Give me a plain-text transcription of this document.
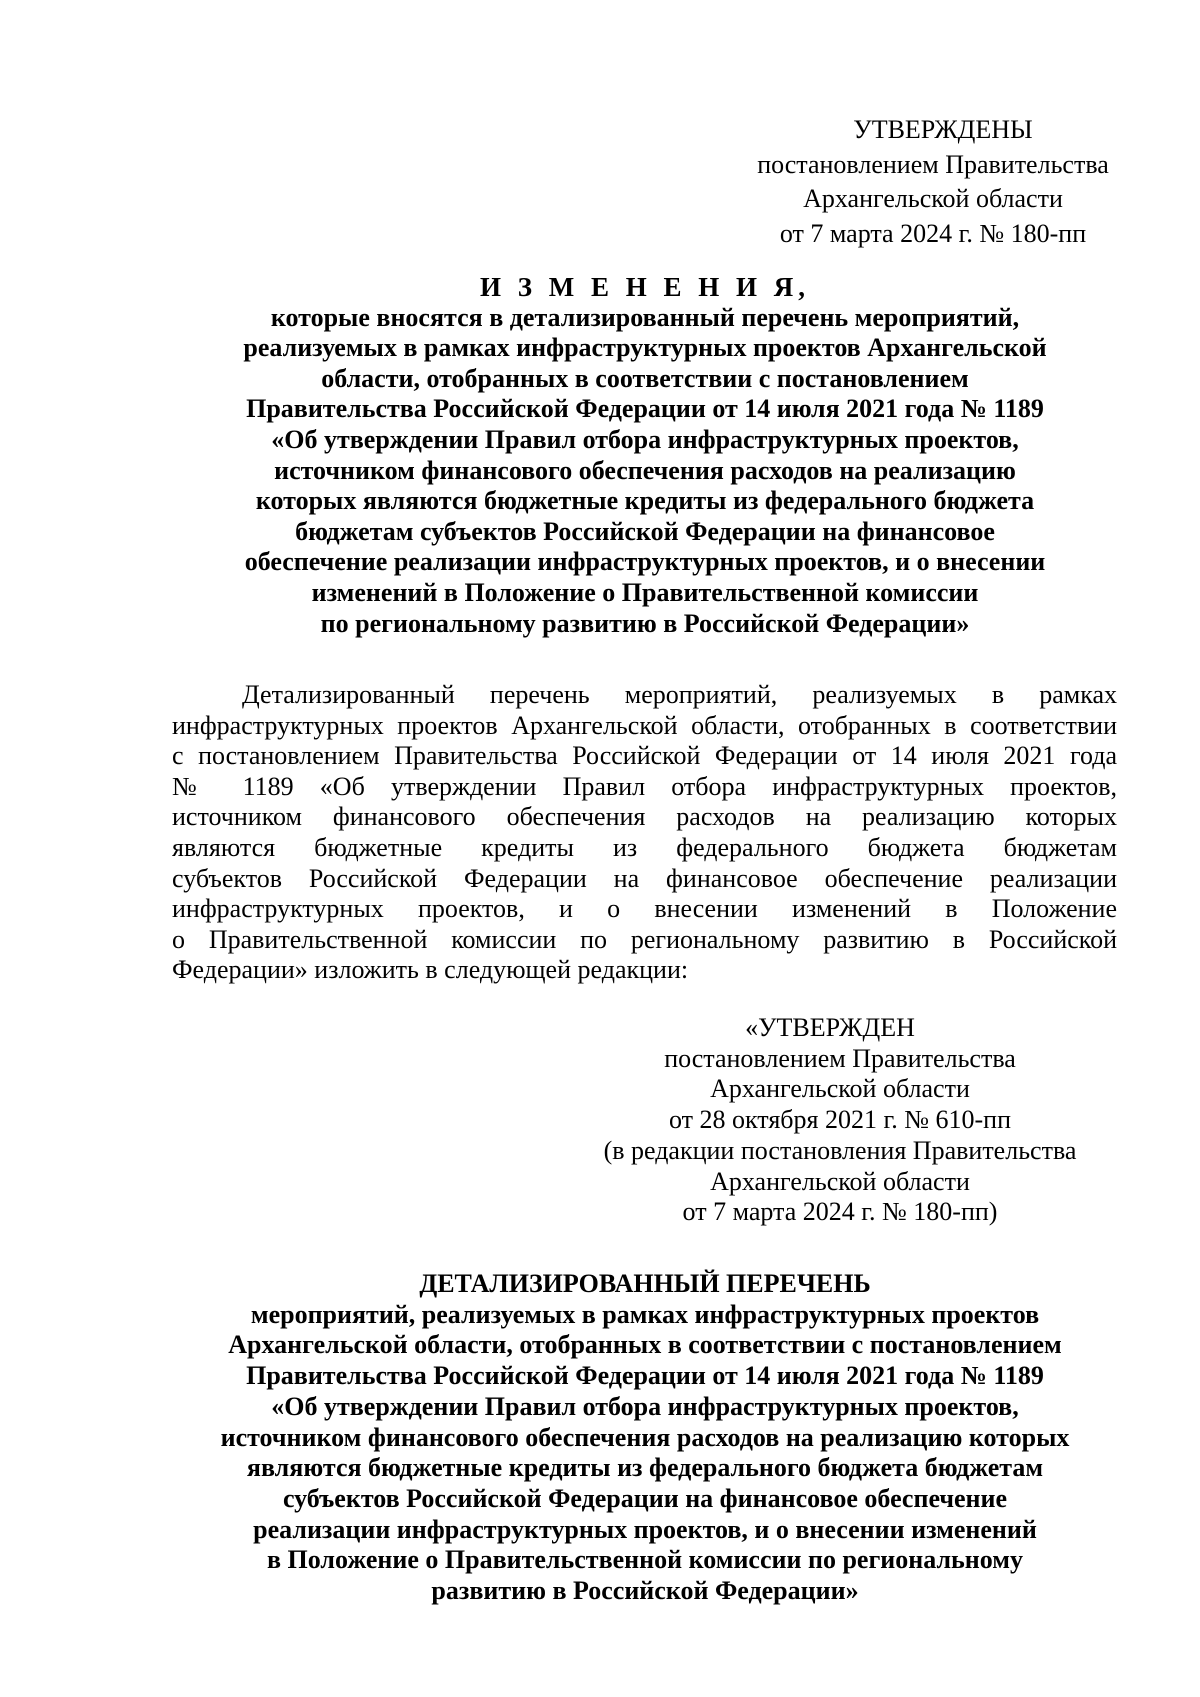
УТВЕРЖДЕНЫ
постановлением Правительства
Архангельской области
от 7 марта 2024 г. № 180-пп
И З М Е Н Е Н И Я,
которые вносятся в детализированный перечень мероприятий,
реализуемых в рамках инфраструктурных проектов Архангельской
области, отобранных в соответствии с постановлением
Правительства Российской Федерации от 14 июля 2021 года № 1189
«Об утверждении Правил отбора инфраструктурных проектов,
источником финансового обеспечения расходов на реализацию
которых являются бюджетные кредиты из федерального бюджета
бюджетам субъектов Российской Федерации на финансовое
обеспечение реализации инфраструктурных проектов, и о внесении
изменений в Положение о Правительственной комиссии
по региональному развитию в Российской Федерации»
Детализированный перечень мероприятий, реализуемых в рамках
инфраструктурных проектов Архангельской области, отобранных в соответствии
с постановлением Правительства Российской Федерации от 14 июля 2021 года
№ 1189 «Об утверждении Правил отбора инфраструктурных проектов,
источником финансового обеспечения расходов на реализацию которых
являются бюджетные кредиты из федерального бюджета бюджетам
субъектов Российской Федерации на финансовое обеспечение реализации
инфраструктурных проектов, и о внесении изменений в Положение
о Правительственной комиссии по региональному развитию в Российской
Федерации» изложить в следующей редакции:
«УТВЕРЖДЕН
постановлением Правительства
Архангельской области
от 28 октября 2021 г. № 610-пп
(в редакции постановления Правительства
Архангельской области
от 7 марта 2024 г. № 180-пп)
ДЕТАЛИЗИРОВАННЫЙ ПЕРЕЧЕНЬ
мероприятий, реализуемых в рамках инфраструктурных проектов
Архангельской области, отобранных в соответствии с постановлением
Правительства Российской Федерации от 14 июля 2021 года № 1189
«Об утверждении Правил отбора инфраструктурных проектов,
источником финансового обеспечения расходов на реализацию которых
являются бюджетные кредиты из федерального бюджета бюджетам
субъектов Российской Федерации на финансовое обеспечение
реализации инфраструктурных проектов, и о внесении изменений
в Положение о Правительственной комиссии по региональному
развитию в Российской Федерации»
